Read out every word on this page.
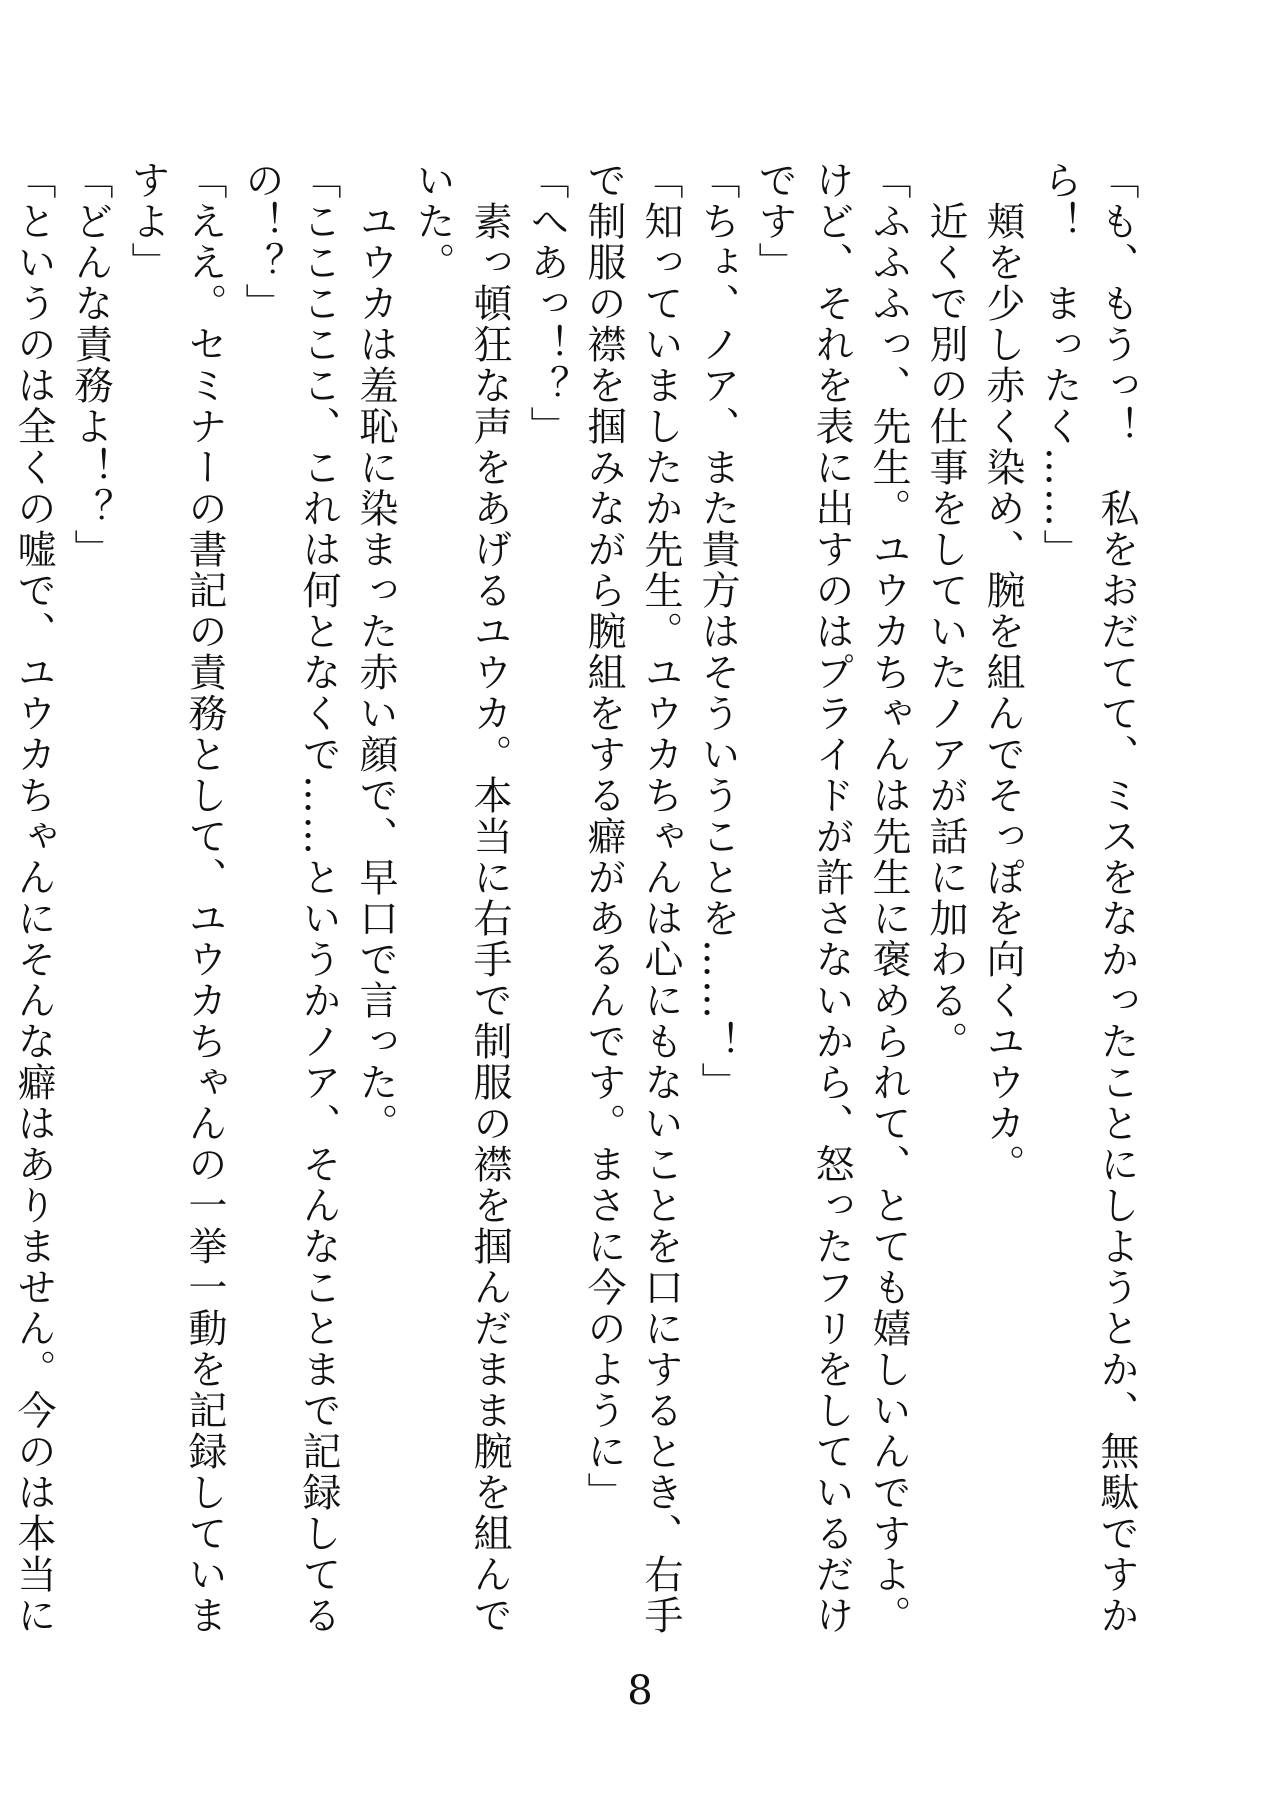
「も、もうっ！　私をおだてて、ミスをなかったことにしようとか、無駄ですから！　まったく……」

　頬を少し赤く染め、腕を組んでそっぽを向くユウカ。

　近くで別の仕事をしていたノアが話に加わる。

「ふふふっ、先生。ユウカちゃんは先生に褒められて、とても嬉しいんですよ。けど、それを表に出すのはプライドが許さないから、怒ったフリをしているだけです」

「ちょ、ノア、また貴方はそういうことを……！」

「知っていましたか先生。ユウカちゃんは心にもないことを口にするとき、右手で制服の襟を掴みながら腕組をする癖があるんです。まさに今のように」

「へあっ！？」

　素っ頓狂な声をあげるユウカ。本当に右手で制服の襟を掴んだまま腕を組んでいた。

　ユウカは羞恥に染まった赤い顔で、早口で言った。

「こここここ、これは何となくで……というかノア、そんなことまで記録してるの！？」

「ええ。セミナーの書記の責務として、ユウカちゃんの一挙一動を記録していますよ」

「どんな責務よ！？」

「というのは全くの嘘で、ユウカちゃんにそんな癖はありません。今のは本当に

8
